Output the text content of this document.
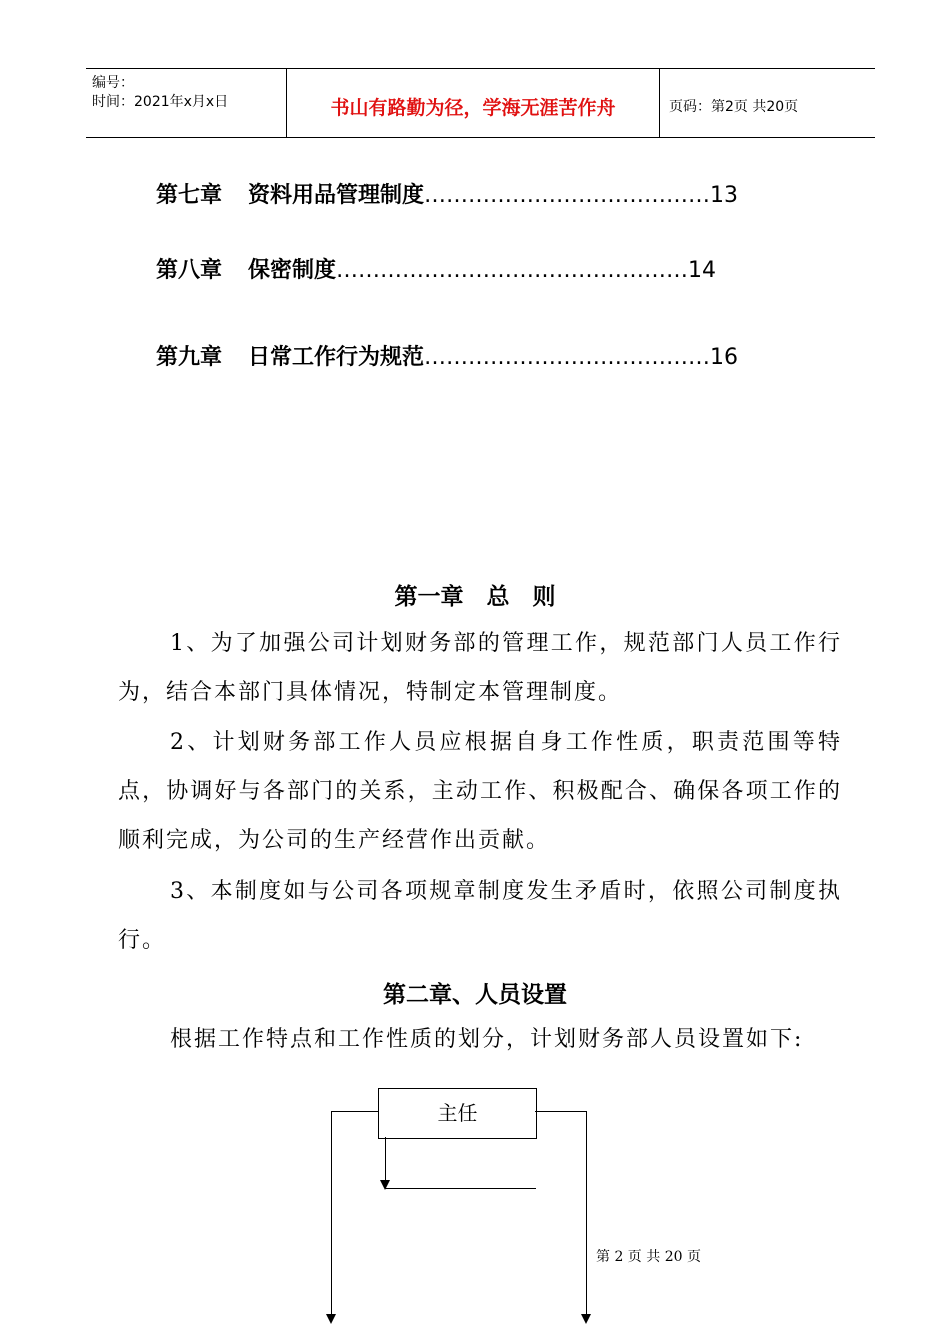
编号：
时间：2021年x月x日	书山有路勤为径，学海无涯苦作舟	页码：第2页 共20页
第七章 资料用品管理制度…………………………………13
第八章 保密制度…………………………………………14
第九章 日常工作行为规范…………………………………16
第一章　总　则
1、为了加强公司计划财务部的管理工作，规范部门人员工作行为，结合本部门具体情况，特制定本管理制度。
2、计划财务部工作人员应根据自身工作性质，职责范围等特点，协调好与各部门的关系，主动工作、积极配合、确保各项工作的顺利完成，为公司的生产经营作出贡献。
3、本制度如与公司各项规章制度发生矛盾时，依照公司制度执行。
第二章、人员设置
根据工作特点和工作性质的划分，计划财务部人员设置如下:
主任
第 2 页 共 20 页
